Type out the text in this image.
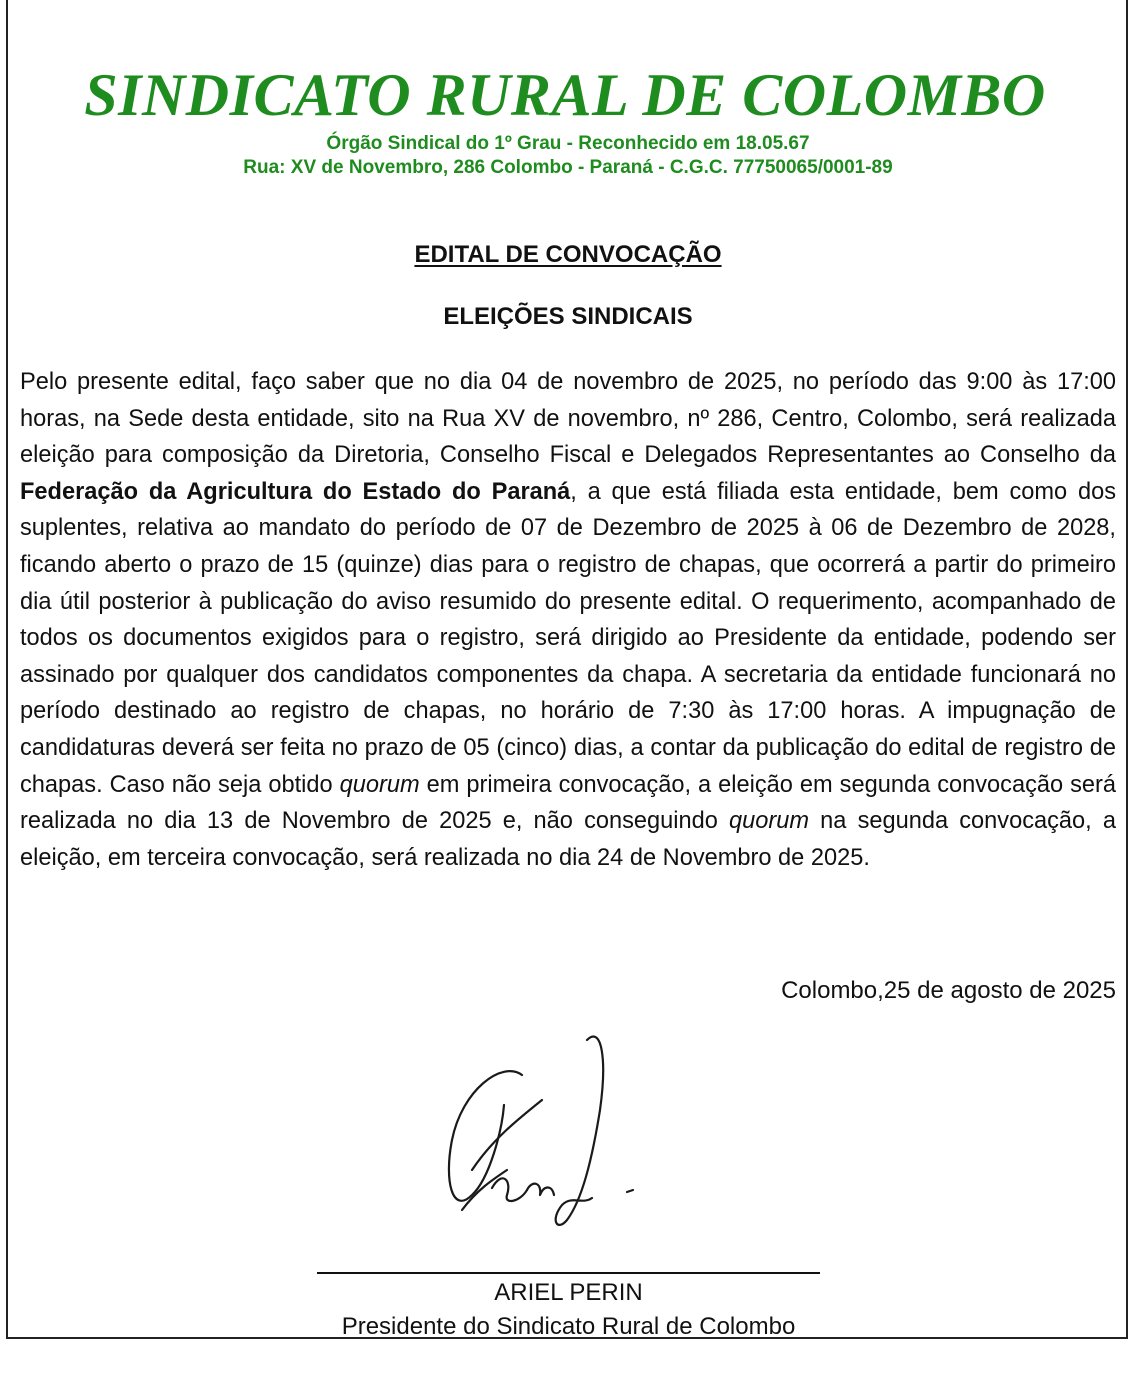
SINDICATO RURAL DE COLOMBO

Órgão Sindical do 1º Grau - Reconhecido em 18.05.67

Rua: XV de Novembro, 286 Colombo - Paraná - C.G.C. 77750065/0001-89

EDITAL DE CONVOCAÇÃO
ELEIÇÕES SINDICAIS

Pelo presente edital, faço saber que no dia 04 de novembro de 2025, no período das 9:00 às 17:00 horas, na Sede desta entidade, sito na Rua XV de novembro, nº 286, Centro, Colombo, será realizada eleição para composição da Diretoria, Conselho Fiscal e Delegados Representantes ao Conselho da Federação da Agricultura do Estado do Paraná, a que está filiada esta entidade, bem como dos suplentes, relativa ao mandato do período de 07 de Dezembro de 2025 à 06 de Dezembro de 2028, ficando aberto o prazo de 15 (quinze) dias para o registro de chapas, que ocorrerá a partir do primeiro dia útil posterior à publicação do aviso resumido do presente edital. O requerimento, acompanhado de todos os documentos exigidos para o registro, será dirigido ao Presidente da entidade, podendo ser assinado por qualquer dos candidatos componentes da chapa. A secretaria da entidade funcionará no período destinado ao registro de chapas, no horário de 7:30 às 17:00 horas. A impugnação de candidaturas deverá ser feita no prazo de 05 (cinco) dias, a contar da publicação do edital de registro de chapas. Caso não seja obtido quorum em primeira convocação, a eleição em segunda convocação será realizada no dia 13 de Novembro de 2025 e, não conseguindo quorum na segunda convocação, a eleição, em terceira convocação, será realizada no dia 24 de Novembro de 2025.

Colombo,25 de agosto de 2025

ARIEL PERIN

Presidente do Sindicato Rural de Colombo
